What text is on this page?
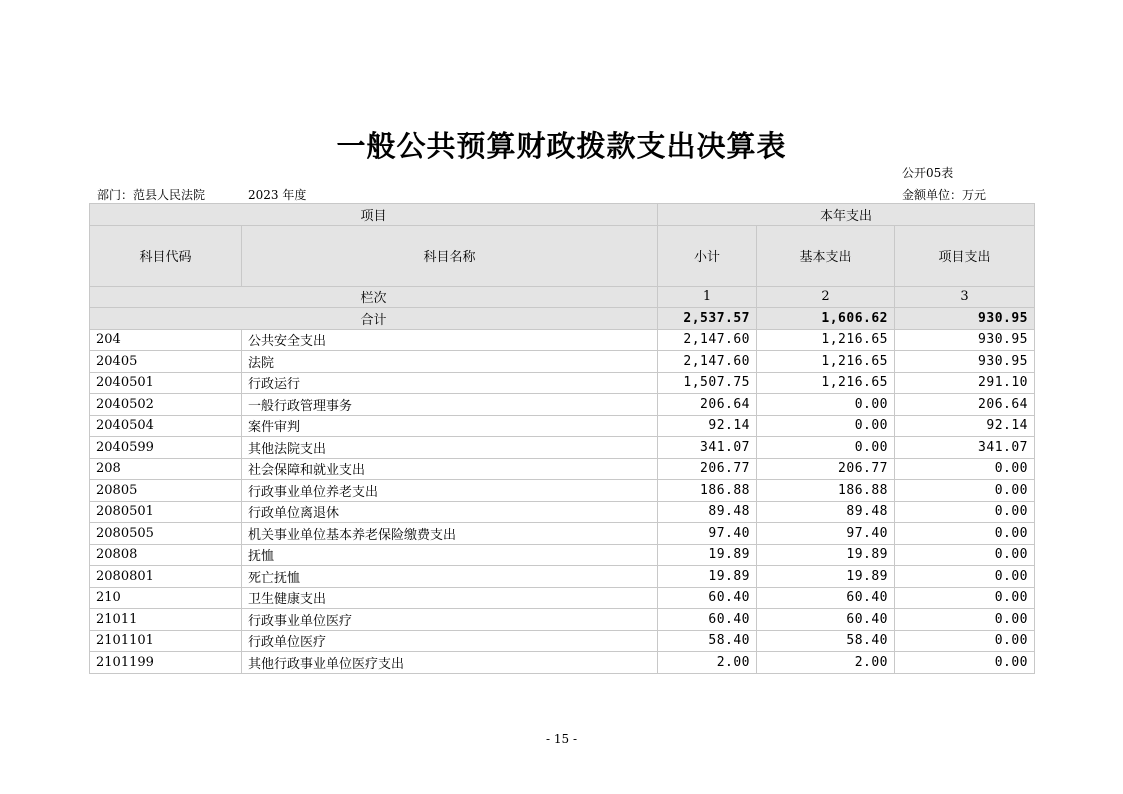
一般公共预算财政拨款支出决算表
公开05表
部门：范县人民法院	2023 年度	金额单位：万元
项目		本年支出		
科目代码	科目名称	小计	基本支出	项目支出
栏次		1	2	3
合计		2,537.57	1,606.62	930.95
204	公共安全支出	2,147.60	1,216.65	930.95
20405	法院	2,147.60	1,216.65	930.95
2040501	行政运行	1,507.75	1,216.65	291.10
2040502	一般行政管理事务	206.64	0.00	206.64
2040504	案件审判	92.14	0.00	92.14
2040599	其他法院支出	341.07	0.00	341.07
208	社会保障和就业支出	206.77	206.77	0.00
20805	行政事业单位养老支出	186.88	186.88	0.00
2080501	行政单位离退休	89.48	89.48	0.00
2080505	机关事业单位基本养老保险缴费支出	97.40	97.40	0.00
20808	抚恤	19.89	19.89	0.00
2080801	死亡抚恤	19.89	19.89	0.00
210	卫生健康支出	60.40	60.40	0.00
21011	行政事业单位医疗	60.40	60.40	0.00
2101101	行政单位医疗	58.40	58.40	0.00
2101199	其他行政事业单位医疗支出	2.00	2.00	0.00
- 15 -
